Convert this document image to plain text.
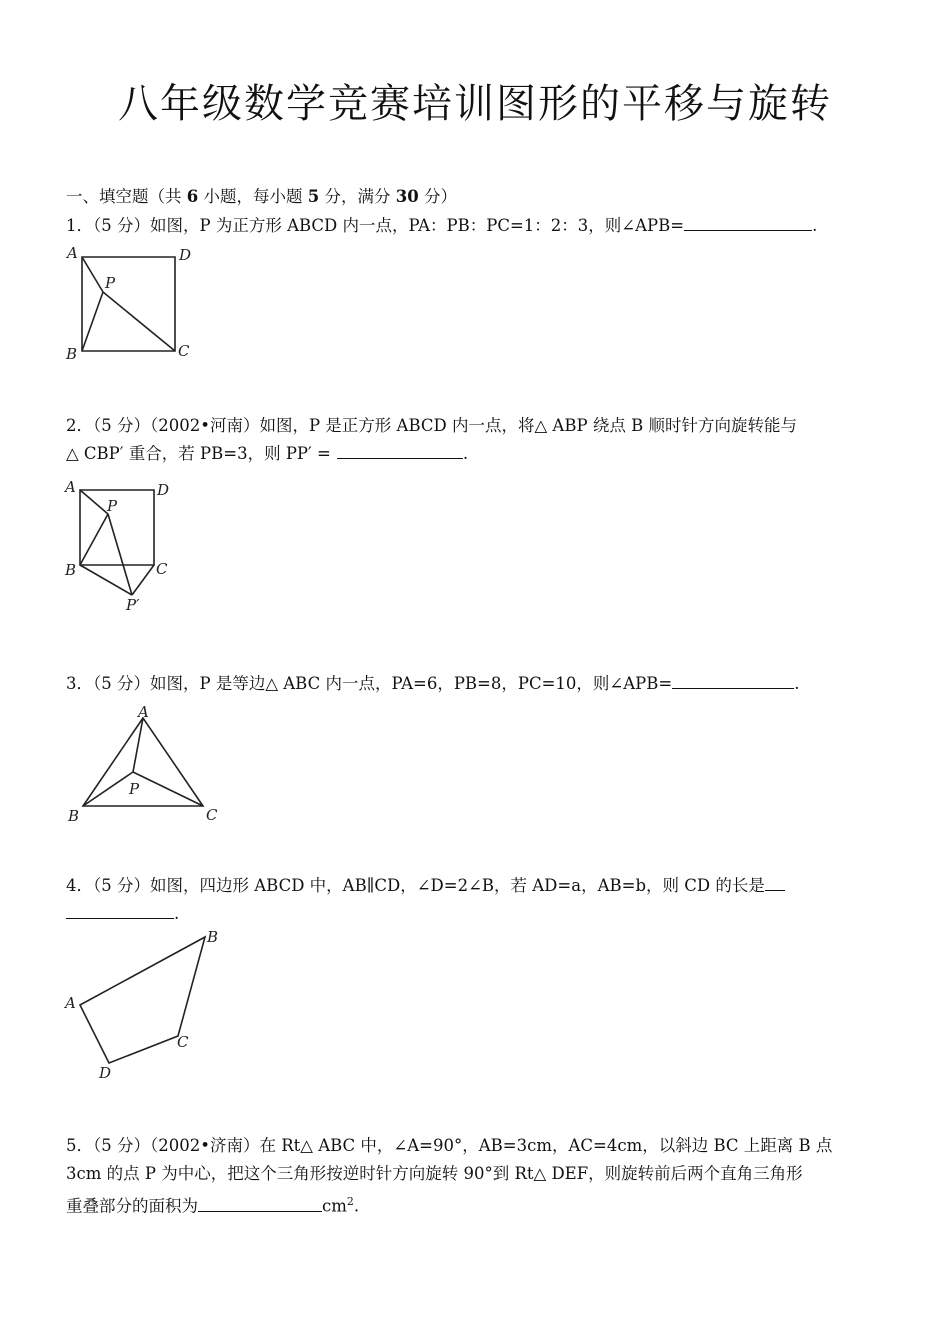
八年级数学竞赛培训图形的平移与旋转
一、填空题（共 6 小题，每小题 5 分，满分 30 分）
1．（5 分）如图，P 为正方形 ABCD 内一点，PA：PB：PC=1：2：3，则∠APB=	.
A	D
P
B	C
2．（5 分）（2002•河南）如图，P 是正方形 ABCD 内一点，将△ ABP 绕点 B 顺时针方向旋转能与
△ CBP′ 重合，若 PB=3，则 PP′ =	.
A	D
P
B	C
P′
3．（5 分）如图，P 是等边△ ABC 内一点，PA=6，PB=8，PC=10，则∠APB=	.
A
P
B	C
4．（5 分）如图，四边形 ABCD 中，AB∥CD，∠D=2∠B，若 AD=a，AB=b，则 CD 的长是
.
B
A
C
D
5．（5 分）（2002•济南）在 Rt△ ABC 中，∠A=90°，AB=3cm，AC=4cm，以斜边 BC 上距离 B 点
3cm 的点 P 为中心，把这个三角形按逆时针方向旋转 90°到 Rt△ DEF，则旋转前后两个直角三角形
重叠部分的面积为	$cm^2$.
